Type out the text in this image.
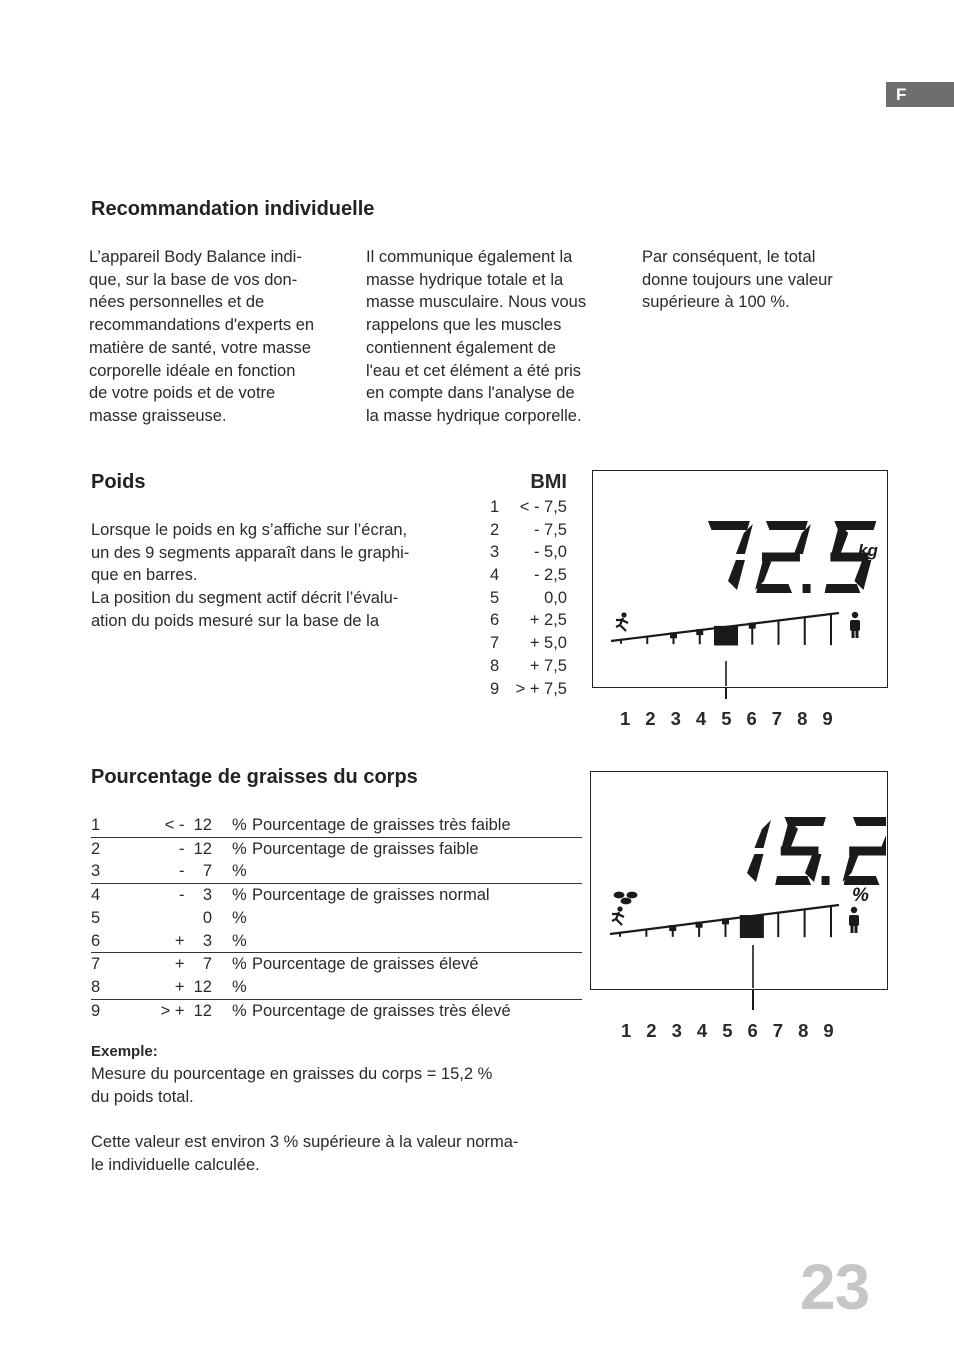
F
Recommandation individuelle
L’appareil Body Balance indi-
que, sur la base de vos don-
nées personnelles et de
recommandations d'experts en
matière de santé, votre masse
corporelle idéale en fonction
de votre poids et de votre
masse graisseuse.
Il communique également la
masse hydrique totale et la
masse musculaire. Nous vous
rappelons que les muscles
contiennent également de
l'eau et cet élément a été pris
en compte dans l'analyse de
la masse hydrique corporelle.
Par conséquent, le total
donne toujours une valeur
supérieure à 100 %.
Poids
Lorsque le poids en kg s’affiche sur l’écran,
un des 9 segments apparaît dans le graphi-
que en barres.
La position du segment actif décrit l’évalu-
ation du poids mesuré sur la base de la
BMI
1 < - 7,5
2 - 7,5
3 - 5,0
4 - 2,5
5	0,0
6 + 2,5
7 + 5,0
8 + 7,5
9 > + 7,5
kg
1 2 3 4 5 6 7 8 9
Pourcentage de graisses du corps
1	< -  12	%	Pourcentage de graisses très faible
2	-  12	%	Pourcentage de graisses faible
3	-    7	%	
4	-    3	%	Pourcentage de graisses normal
5	0	%	
6	+    3	%	
7	+    7	%	Pourcentage de graisses élevé
8	+  12	%	
9	> +  12	%	Pourcentage de graisses très élevé
Exemple:
Mesure du pourcentage en graisses du corps = 15,2 %
du poids total.
Cette valeur est environ 3 % supérieure à la valeur norma-
le individuelle calculée.
%
1 2 3 4 5 6 7 8 9
23
